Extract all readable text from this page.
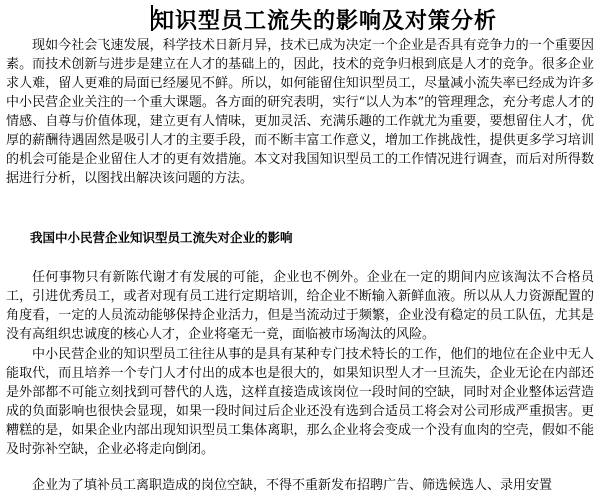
知识型员工流失的影响及对策分析

现如今社会飞速发展，科学技术日新月异，技术已成为决定一个企业是否具有竞争力的一个重要因素。而技术创新与进步是建立在人才的基础上的，因此，技术的竞争归根到底是人才的竞争。很多企业求人难，留人更难的局面已经屡见不鲜。所以，如何能留住知识型员工，尽量减小流失率已经成为许多中小民营企业关注的一个重大课题。各方面的研究表明，实行“以人为本”的管理理念，充分考虑人才的情感、自尊与价值体现，建立更有人情味，更加灵活、充满乐趣的工作就尤为重要，要想留住人才，优厚的薪酬待遇固然是吸引人才的主要手段，而不断丰富工作意义，增加工作挑战性，提供更多学习培训的机会可能是企业留住人才的更有效措施。本文对我国知识型员工的工作情况进行调查，而后对所得数据进行分析，以图找出解决该问题的方法。

我国中小民营企业知识型员工流失对企业的影响

任何事物只有新陈代谢才有发展的可能，企业也不例外。企业在一定的期间内应该淘汰不合格员工，引进优秀员工，或者对现有员工进行定期培训，给企业不断输入新鲜血液。所以从人力资源配置的角度看，一定的人员流动能够保持企业活力，但是当流动过于频繁，企业没有稳定的员工队伍，尤其是没有高组织忠诚度的核心人才，企业将毫无一竟，面临被市场淘汰的风险。

中小民营企业的知识型员工往往从事的是具有某种专门技术特长的工作，他们的地位在企业中无人能取代，而且培养一个专门人才付出的成本也是很大的，如果知识型人才一旦流失，企业无论在内部还是外部都不可能立刻找到可替代的人选，这样直接造成该岗位一段时间的空缺，同时对企业整体运营造成的负面影响也很快会显现，如果一段时间过后企业还没有选到合适员工将会对公司形成严重损害。更糟糕的是，如果企业内部出现知识型员工集体离职，那么企业将会变成一个没有血肉的空壳，假如不能及时弥补空缺，企业必将走向倒闭。

企业为了填补员工离职造成的岗位空缺，不得不重新发布招聘广告、筛选候选人、录用安置
